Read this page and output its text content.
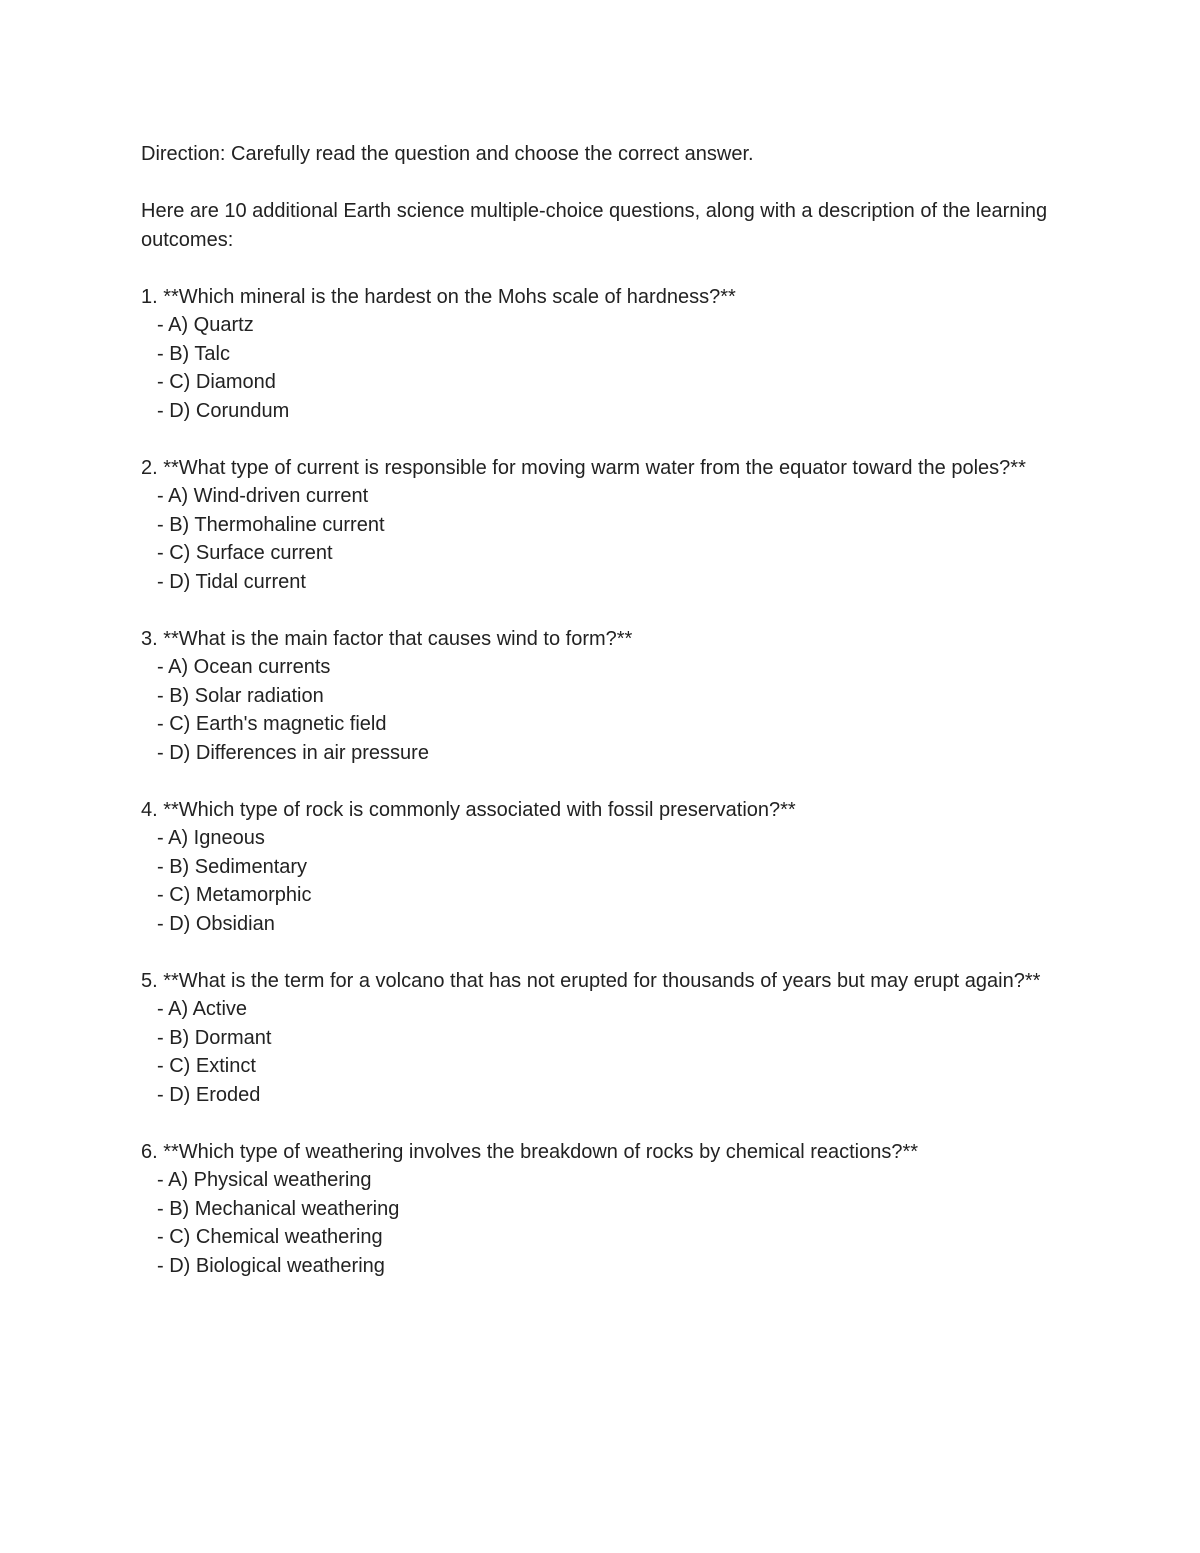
Direction: Carefully read the question and choose the correct answer.

Here are 10 additional Earth science multiple-choice questions, along with a description of the learning outcomes:

1. **Which mineral is the hardest on the Mohs scale of hardness?**

- A) Quartz
- B) Talc
- C) Diamond
- D) Corundum

2. **What type of current is responsible for moving warm water from the equator toward the poles?**

- A) Wind-driven current
- B) Thermohaline current
- C) Surface current
- D) Tidal current

3. **What is the main factor that causes wind to form?**

- A) Ocean currents
- B) Solar radiation
- C) Earth's magnetic field
- D) Differences in air pressure

4. **Which type of rock is commonly associated with fossil preservation?**

- A) Igneous
- B) Sedimentary
- C) Metamorphic
- D) Obsidian

5. **What is the term for a volcano that has not erupted for thousands of years but may erupt again?**

- A) Active
- B) Dormant
- C) Extinct
- D) Eroded

6. **Which type of weathering involves the breakdown of rocks by chemical reactions?**

- A) Physical weathering
- B) Mechanical weathering
- C) Chemical weathering
- D) Biological weathering
